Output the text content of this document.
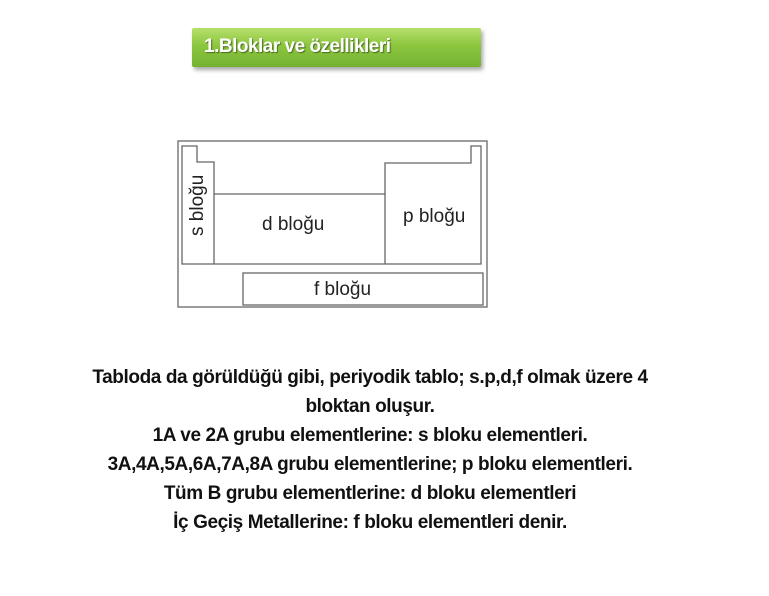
1.Bloklar ve özellikleri
s bloğu	d bloğu	p bloğu
f bloğu
Tabloda da görüldüğü gibi, periyodik tablo; s.p,d,f olmak üzere 4
bloktan oluşur.
1A ve 2A grubu elementlerine: s bloku elementleri.
3A,4A,5A,6A,7A,8A grubu elementlerine; p bloku elementleri.
Tüm B grubu elementlerine: d bloku elementleri
İç Geçiş Metallerine: f bloku elementleri denir.
